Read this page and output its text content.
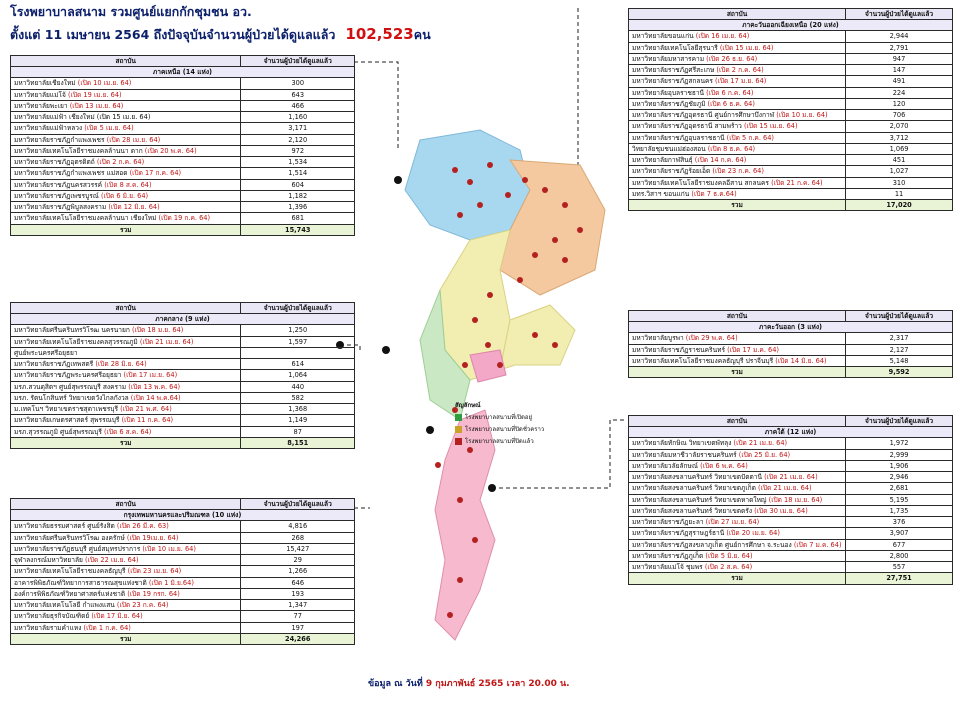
โรงพยาบาลสนาม รวมศูนย์แยกกักชุมชน อว.
ตั้งแต่ 11 เมษายน 2564 ถึงปัจจุบันจำนวนผู้ป่วยได้ดูแลแล้ว 102,523คน
สถาบัน	จำนวนผู้ป่วยได้ดูแลแล้ว
ภาคเหนือ (14 แห่ง)	
มหาวิทยาลัยเชียงใหม่ (เปิด 10 เม.ย. 64)	300
มหาวิทยาลัยแม่โจ้ (เปิด 19 เม.ย. 64)	643
มหาวิทยาลัยพะเยา (เปิด 13 เม.ย. 64)	466
มหาวิทยาลัยแม่ฟ้า เชียงใหม่ (เปิด 15 เม.ย. 64)	1,160
มหาวิทยาลัยแม่ฟ้าหลวง (เปิด 5 เม.ย. 64)	3,171
มหาวิทยาลัยราชภัฏกำแพงเพชร (เปิด 28 เม.ย. 64)	2,120
มหาวิทยาลัยเทคโนโลยีราชมงคลล้านนา ตาก (เปิด 20 พ.ค. 64)	972
มหาวิทยาลัยราชภัฏอุตรดิตถ์ (เปิด 2 ก.ค. 64)	1,534
มหาวิทยาลัยราชภัฏกำแพงเพชร แม่สอด (เปิด 17 ก.ค. 64)	1,514
มหาวิทยาลัยราชภัฏนครสวรรค์ (เปิด 8 ส.ค. 64)	604
มหาวิทยาลัยราชภัฏเพชรบูรณ์ (เปิด 6 มิ.ย. 64)	1,182
มหาวิทยาลัยราชภัฏพิบูลสงคราม (เปิด 12 มิ.ย. 64)	1,396
มหาวิทยาลัยเทคโนโลยีราชมงคลล้านนา เชียงใหม่ (เปิด 19 ก.ค. 64)	681
รวม	15,743
สถาบัน	จำนวนผู้ป่วยได้ดูแลแล้ว
ภาคกลาง (9 แห่ง)	
มหาวิทยาลัยศรีนครินทรวิโรฒ นครนายก (เปิด 18 ม.ย. 64)	1,250
มหาวิทยาลัยเทคโนโลยีราชมงคลสุวรรณภูมิ (เปิด 21 เม.ย. 64)	1,597
ศูนย์พระนครศรีอยุธยา	
มหาวิทยาลัยราชภัฏเทพสตรี (เปิด 28 มิ.ย. 64)	614
มหาวิทยาลัยราชภัฏพระนครศรีอยุธยา (เปิด 17 เม.ย. 64)	1,064
มรภ.สวนดุสิตฯ ศูนย์สุพรรณบุรี สงคราม (เปิด 13 พ.ค. 64)	440
มรภ. รัตนโกสินทร์ วิทยาเขตวังไกลกังวล (เปิด 14 พ.ค.64)	582
ม.เทคโนฯ วิทยาเขตราชสุดาเพชรบุรี (เปิด 21 พ.ศ. 64)	1,368
มหาวิทยาลัยเกษตรศาสตร์ สุพรรณบุรี (เปิด 11 ก.ค. 64)	1,149
มรภ.สุวรรณภูมิ ศูนย์สุพรรณบุรี (เปิด 6 ส.ค. 64)	87
รวม	8,151
สถาบัน	จำนวนผู้ป่วยได้ดูแลแล้ว
กรุงเทพมหานครและปริมณฑล (10 แห่ง)	
มหาวิทยาลัยธรรมศาสตร์ ศูนย์รังสิต (เปิด 26 มี.ค. 63)	4,816
มหาวิทยาลัยศรีนครินทรวิโรฒ องครักษ์ (เปิด 19เม.ย. 64)	268
มหาวิทยาลัยราชภัฏธนบุรี ศูนย์สมุทรปราการ (เปิด 10 เม.ย. 64)	15,427
จุฬาลงกรณ์มหาวิทยาลัย (เปิด 22 เม.ย. 64)	29
มหาวิทยาลัยเทคโนโลยีราชมงคลธัญบุรี (เปิด 23 เม.ย. 64)	1,266
อาคารพิพิธภัณฑ์วิทยาการสาธารณสุขแห่งชาติ (เปิด 1 มิ.ย.64)	646
องค์การพิพิธภัณฑ์วิทยาศาสตร์แห่งชาติ (เปิด 19 กรก. 64)	193
มหาวิทยาลัยเทคโนโลยี กำแพงแสน (เปิด 23 ก.ค. 64)	1,347
มหาวิทยาลัยธุรกิจบัณฑิตย์ (เปิด 17 มิ.ย. 64)	77
มหาวิทยาลัยรามคำแหง (เปิด 1 ก.ค. 64)	197
รวม	24,266
สถาบัน	จำนวนผู้ป่วยได้ดูแลแล้ว
ภาคะวันออกเฉียงเหนือ (20 แห่ง)	
มหาวิทยาลัยขอนแก่น (เปิด 16 เม.ย. 64)	2,944
มหาวิทยาลัยเทคโนโลยีสุรนารี (เปิด 15 เม.ย. 64)	2,791
มหาวิทยาลัยมหาสารคาม (เปิด 26 ธ.ย. 64)	947
มหาวิทยาลัยราชภัฏศรีสะเกษ (เปิด 2 ก.ค. 64)	147
มหาวิทยาลัยราชภัฏสกลนคร (เปิด 17 ม.ย. 64)	491
มหาวิทยาลัยอุบลราชธานี (เปิด 6 ก.ค. 64)	224
มหาวิทยาลัยราชภัฏชัยภูมิ (เปิด 6 ธ.ค. 64)	120
มหาวิทยาลัยราชภัฏอุดรธานี ศูนย์การศึกษาบึงกาฬ (เปิด 10 ม.ย. 64)	706
มหาวิทยาลัยราชภัฏอุดรธานี สามพร้าว (เปิด 15 เม.ย. 64)	2,070
มหาวิทยาลัยราชภัฏอุบลราชธานี (เปิด 5 ก.ค. 64)	3,712
วิทยาลัยชุมชนแม่ฮ่องสอน (เปิด 8 ธ.ค. 64)	1,069
มหาวิทยาลัยกาฬสินธุ์ (เปิด 14 ก.ค. 64)	451
มหาวิทยาลัยราชภัฏร้อยเอ็ด (เปิด 23 ก.ค. 64)	1,027
มหาวิทยาลัยเทคโนโลยีราชมงคลอีสาน สกลนคร (เปิด 21 ก.ค. 64)	310
มทร.วิสาฯ ขอนแก่น (เปิด 7 ธ.ค.64)	11
รวม	17,020
สถาบัน	จำนวนผู้ป่วยได้ดูแลแล้ว
ภาคะวันออก (3 แห่ง)	
มหาวิทยาลัยบูรพา (เปิด 29 พ.ค. 64)	2,317
มหาวิทยาลัยราชภัฏราชนครินทร์ (เปิด 17 ม.ค. 64)	2,127
มหาวิทยาลัยเทคโนโลยีราชมงคลธัญบุรี ปราจีนบุรี (เปิด 14 มิ.ย. 64)	5,148
รวม	9,592
สถาบัน	จำนวนผู้ป่วยได้ดูแลแล้ว
ภาคใต้ (12 แห่ง)	
มหาวิทยาลัยทักษิณ วิทยาเขตพัทลุง (เปิด 21 เม.ย. 64)	1,972
มหาวิทยาลัยมหาชีวาลัยราชนครินทร์ (เปิด 25 มิ.ย. 64)	2,999
มหาวิทยาลัยวลัยลักษณ์ (เปิด 6 พ.ค. 64)	1,906
มหาวิทยาลัยสงขลานครินทร์ วิทยาเขตปัตตานี (เปิด 21 เม.ย. 64)	2,946
มหาวิทยาลัยสงขลานครินทร์ วิทยาเขตภูเก็ต (เปิด 21 เม.ย. 64)	2,681
มหาวิทยาลัยสงขลานครินทร์ วิทยาเขตหาดใหญ่ (เปิด 18 เม.ย. 64)	5,195
มหาวิทยาลัยสงขลานครินทร์ วิทยาเขตตรัง (เปิด 30 เม.ย. 64)	1,735
มหาวิทยาลัยราชภัฏยะลา (เปิด 27 เม.ย. 64)	376
มหาวิทยาลัยราชภัฏสุราษฎร์ธานี (เปิด 20 เม.ย. 64)	3,907
มหาวิทยาลัยราชภัฏสงขลาภูเก็ต ศูนย์การศึกษา จ.ระนอง (เปิด 7 ม.ค. 64)	677
มหาวิทยาลัยราชภัฏภูเก็ต (เปิด 5 มิ.ย. 64)	2,800
มหาวิทยาลัยแม่โจ้ ชุมพร (เปิด 2 ส.ค. 64)	557
รวม	27,751
สัญลักษณ์
โรงพยาบาลสนามที่เปิดอยู่
โรงพยาบาลสนามที่ปิดชั่วคราว
โรงพยาบาลสนามที่ปิดแล้ว
ข้อมูล ณ วันที่ 9 กุมภาพันธ์ 2565 เวลา 20.00 น.
